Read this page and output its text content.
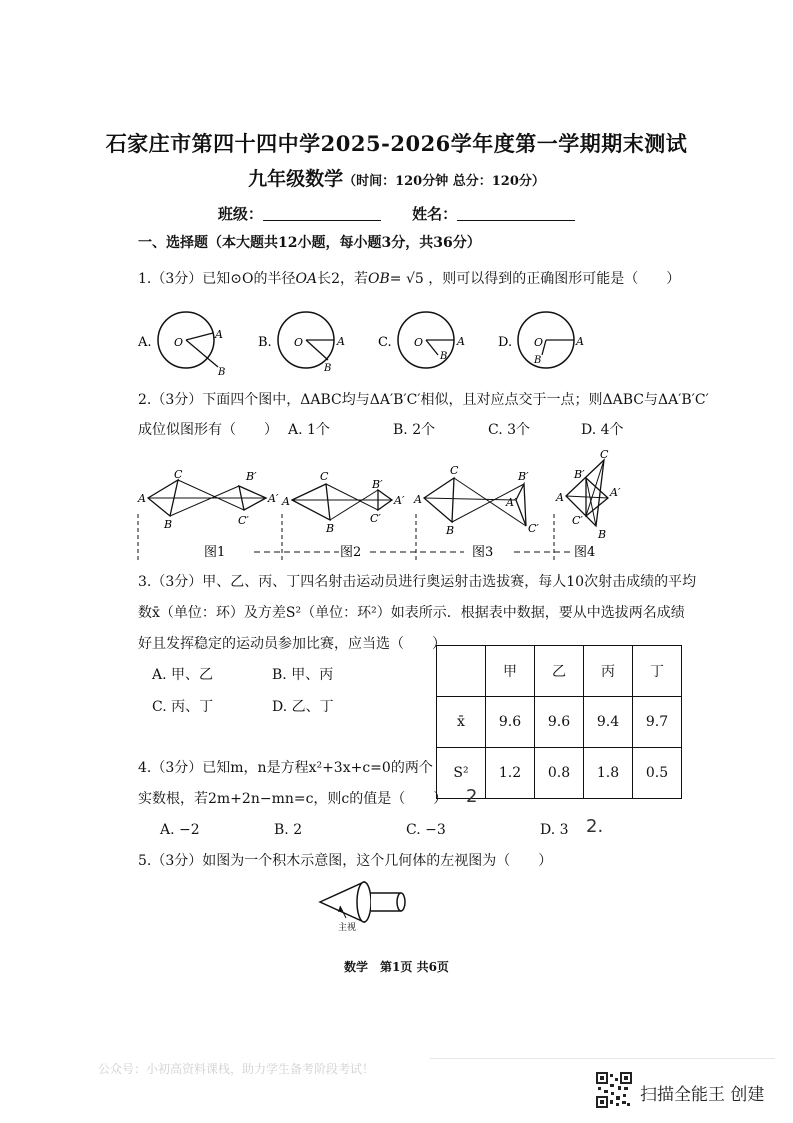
石家庄市第四十四中学2025-2026学年度第一学期期末测试
九年级数学（时间：120分钟 总分：120分）
班级：	姓名：
一、选择题（本大题共12小题，每小题3分，共36分）
1.（3分）已知⊙O的半径OA长2，若OB= √5 ，则可以得到的正确图形可能是（　　）
A. O
A
B
B. O	A
B
C. O	A
B
D. O	A
B
2.（3分）下面四个图中，ΔABC均与ΔA′B′C′相似，且对应点交于一点；则ΔABC与ΔA′B′C′
成位似图形有（　　） A. 1个	B. 2个	C. 3个	D. 4个
A
C
B
A′
B′
C′
A
C
B
A′
B′
C′
A
C
B
B′
A′
C′
A
C
B
B′
A′
C′
图1	图2	图3	图4
3.（3分）甲、乙、丙、丁四名射击运动员进行奥运射击选拔赛，每人10次射击成绩的平均
数x̄（单位：环）及方差S²（单位：环²）如表所示．根据表中数据，要从中选拔两名成绩
好且发挥稳定的运动员参加比赛，应当选（　　）
A. 甲、乙	B. 甲、丙
C. 丙、丁	D. 乙、丁
	甲	乙	丙	丁
x̄	9.6	9.6	9.4	9.7
S²	1.2	0.8	1.8	0.5
4.（3分）已知m，n是方程x²+3x+c=0的两个
实数根，若2m+2n−mn=c，则c的值是（　　） 2
A. −2	B. 2	C. −3	D. 3 2.
5.（3分）如图为一个积木示意图，这个几何体的左视图为（　　）
主视
数学　第1页 共6页
公众号：小初高资料课栈，助力学生备考阶段考试！
扫描全能王 创建
